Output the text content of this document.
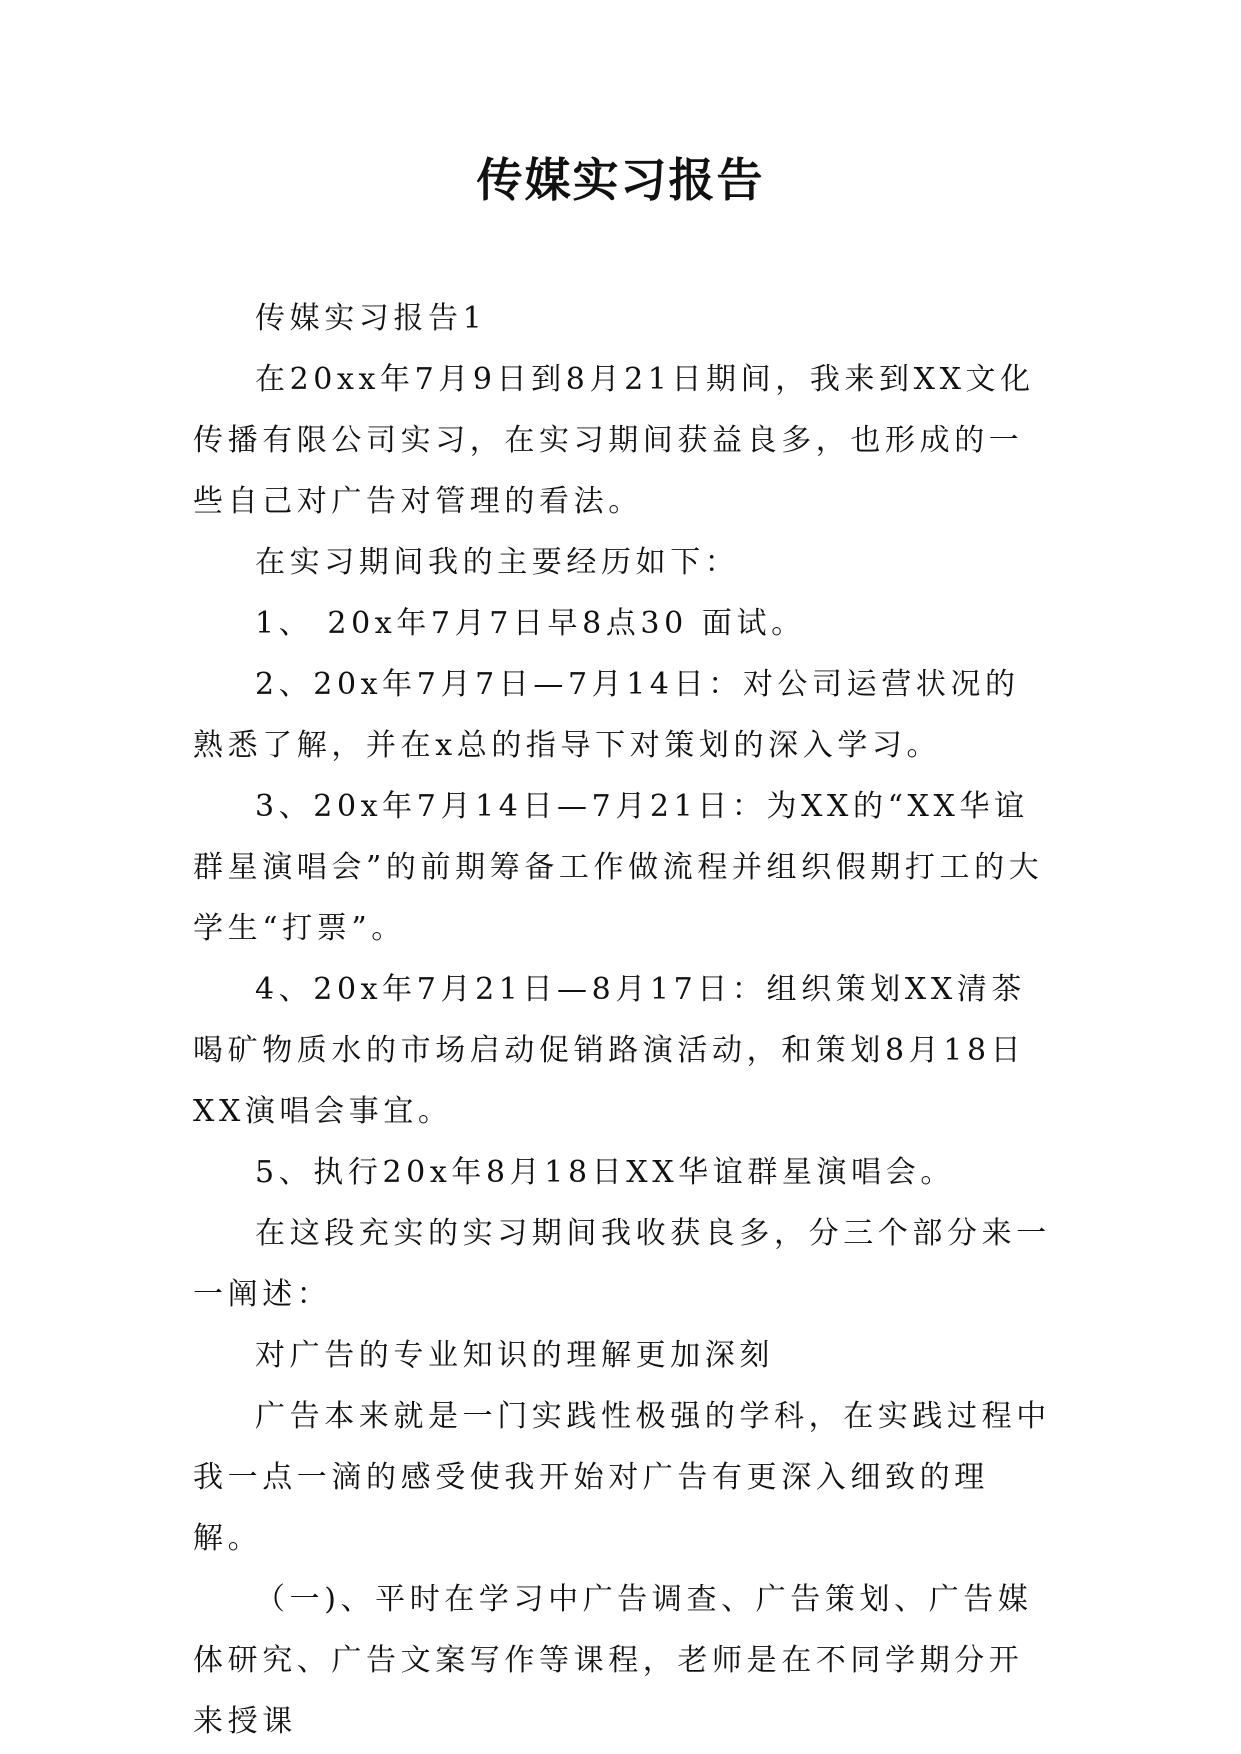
传媒实习报告

传媒实习报告1

在20xx年7月9日到8月21日期间，我来到XX文化传播有限公司实习，在实习期间获益良多，也形成的一些自己对广告对管理的看法。

在实习期间我的主要经历如下：

1、 20x年7月7日早8点30 面试。

2、20x年7月7日—7月14日：对公司运营状况的熟悉了解，并在x总的指导下对策划的深入学习。

3、20x年7月14日—7月21日：为XX的“XX华谊群星演唱会”的前期筹备工作做流程并组织假期打工的大学生“打票”。

4、20x年7月21日—8月17日：组织策划XX清茶喝矿物质水的市场启动促销路演活动，和策划8月18日XX演唱会事宜。

5、执行20x年8月18日XX华谊群星演唱会。

在这段充实的实习期间我收获良多，分三个部分来一一阐述：

对广告的专业知识的理解更加深刻

广告本来就是一门实践性极强的学科，在实践过程中我一点一滴的感受使我开始对广告有更深入细致的理解。

（一)、平时在学习中广告调查、广告策划、广告媒体研究、广告文案写作等课程，老师是在不同学期分开来授课
